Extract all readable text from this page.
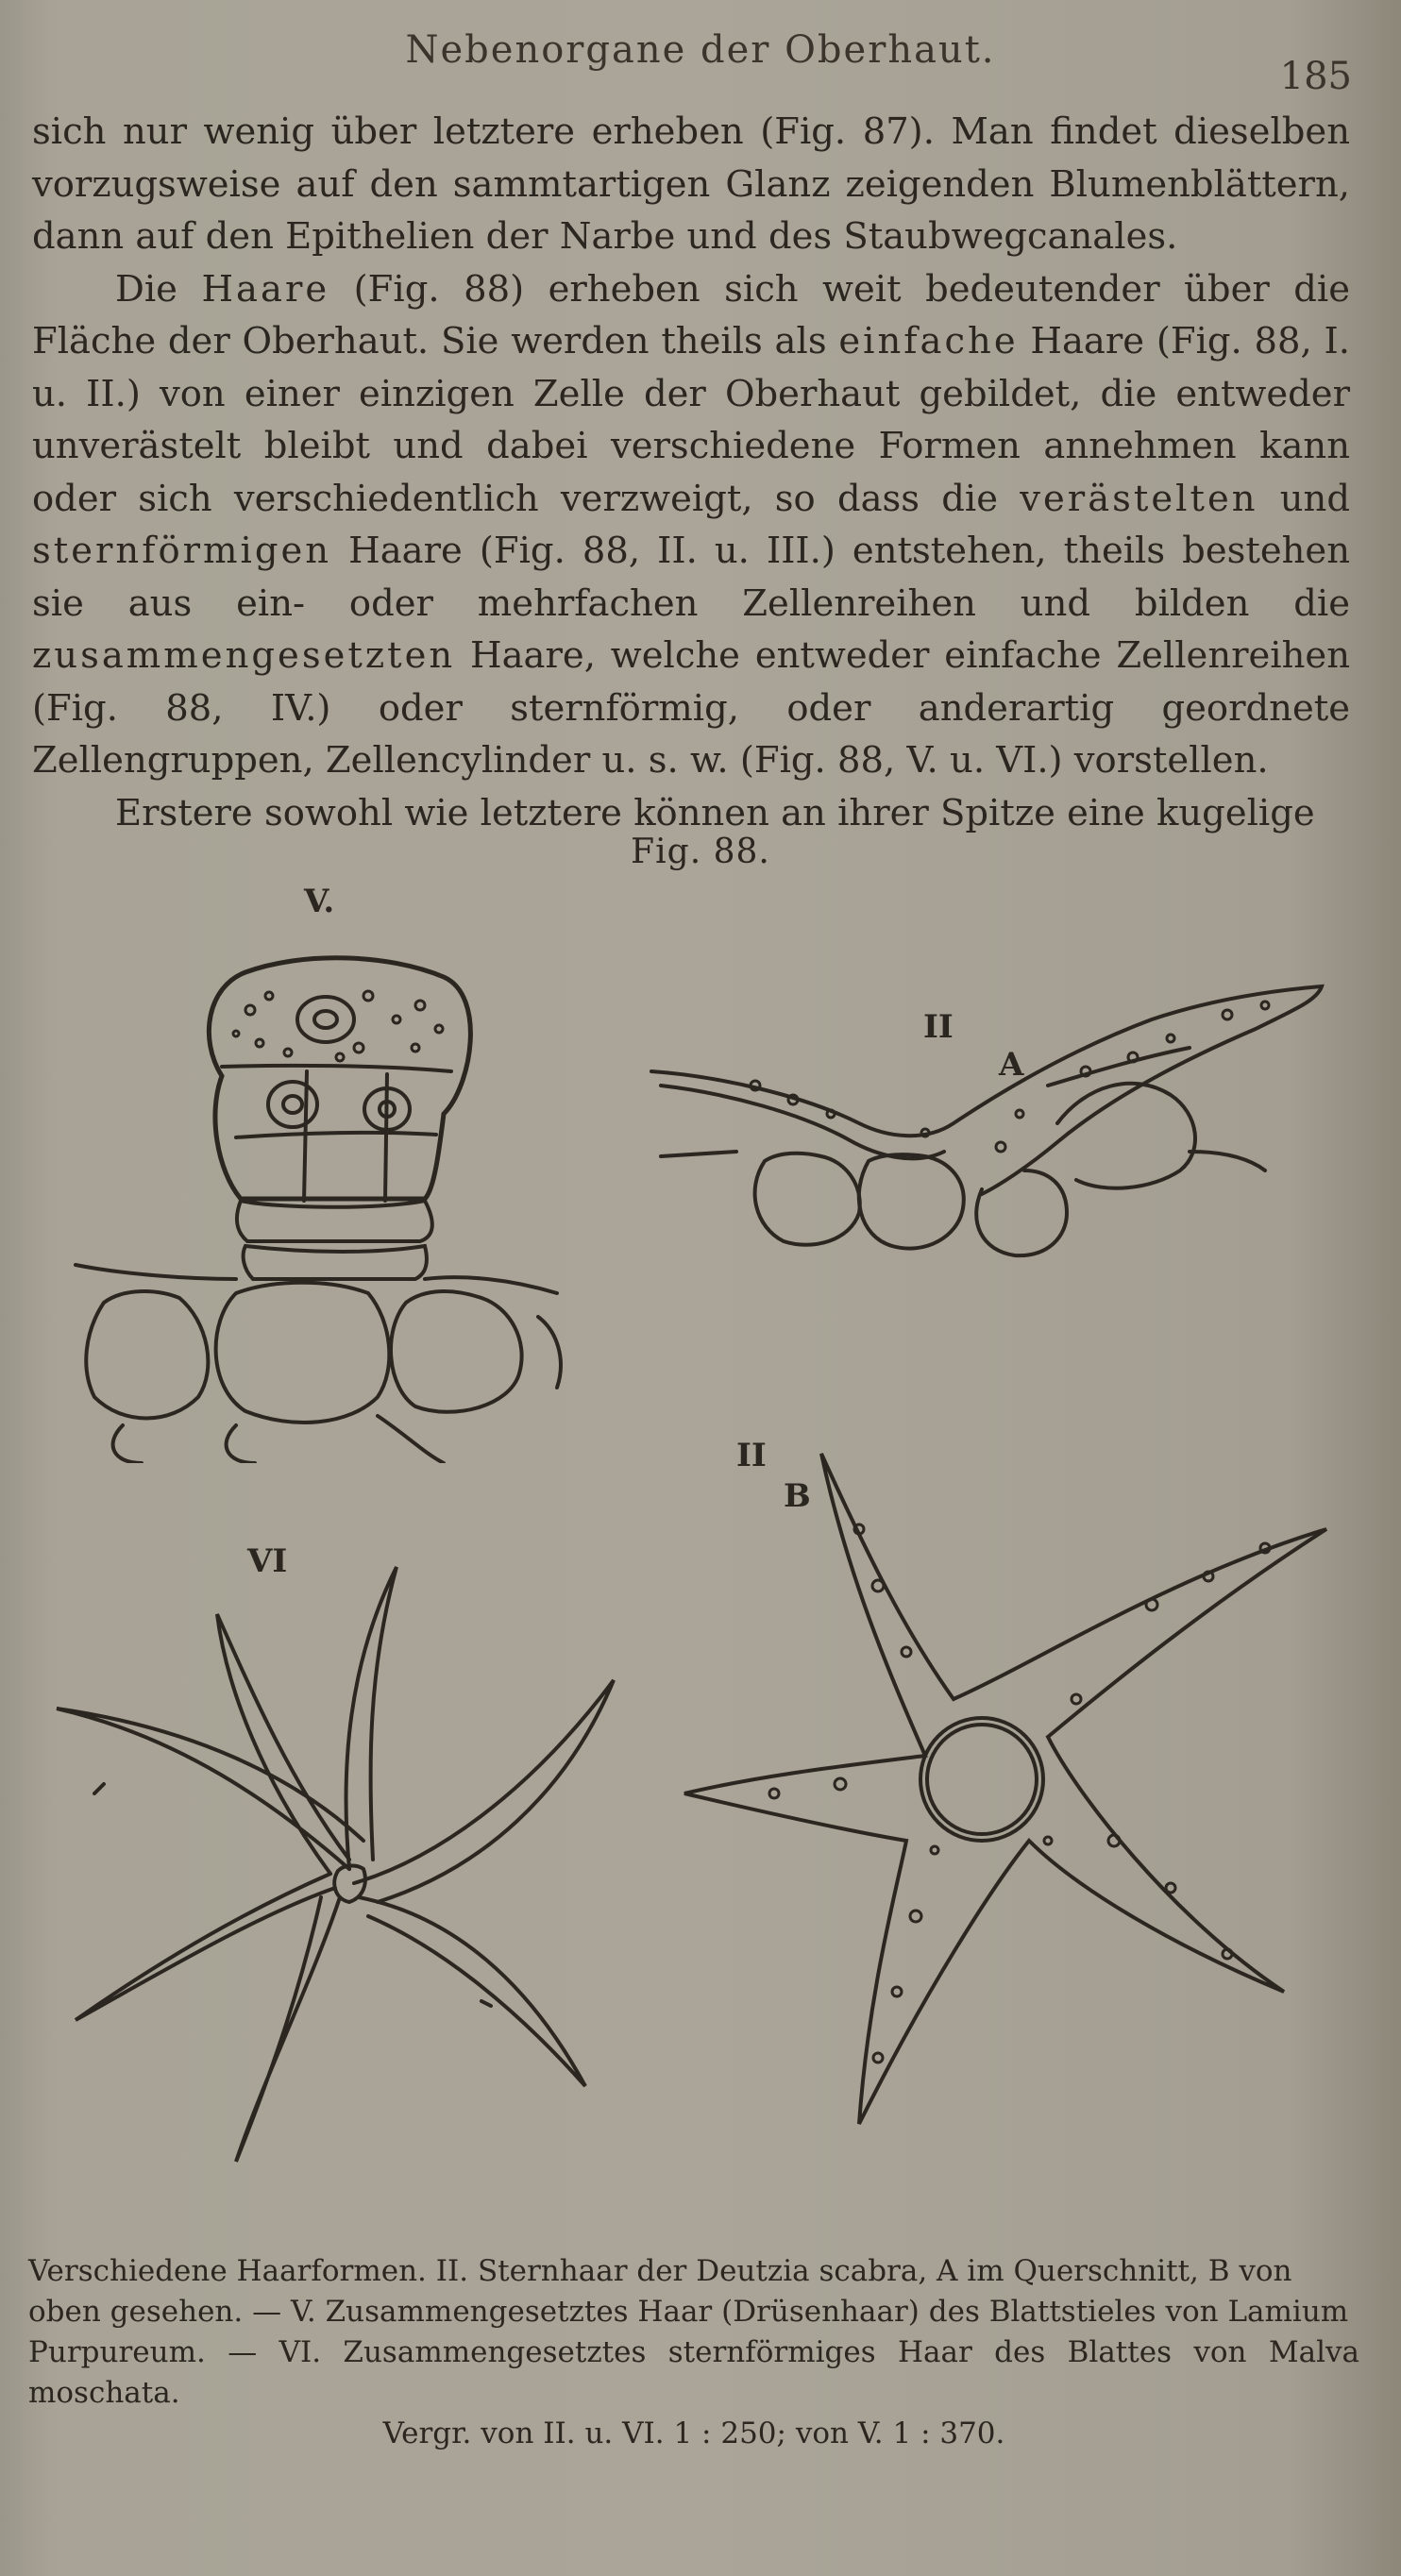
Nebenorgane der Oberhaut.
185

sich nur wenig über letztere erheben (Fig. 87). Man findet dieselben vorzugsweise auf den sammtartigen Glanz zeigenden Blumenblättern, dann auf den Epithelien der Narbe und des Staubwegcanales.

Die Haare (Fig. 88) erheben sich weit bedeutender über die Fläche der Oberhaut. Sie werden theils als einfache Haare (Fig. 88, I. u. II.) von einer einzigen Zelle der Oberhaut gebildet, die entweder unverästelt bleibt und dabei verschiedene Formen annehmen kann oder sich verschiedentlich verzweigt, so dass die verästelten und sternförmigen Haare (Fig. 88, II. u. III.) entstehen, theils bestehen sie aus ein- oder mehrfachen Zellenreihen und bilden die zusammengesetzten Haare, welche entweder einfache Zellenreihen (Fig. 88, IV.) oder sternförmig, oder anderartig geordnete Zellengruppen, Zellencylinder u. s. w. (Fig. 88, V. u. VI.) vorstellen.

Erstere sowohl wie letztere können an ihrer Spitze eine kugelige

Fig. 88.
V.
II
A
II
B
VI
Verschiedene Haarformen. II. Sternhaar der Deutzia scabra, A im Querschnitt, B von
oben gesehen. — V. Zusammengesetztes Haar (Drüsenhaar) des Blattstieles von Lamium
Purpureum. — VI. Zusammengesetztes sternförmiges Haar des Blattes von Malva moschata.
Vergr. von II. u. VI. 1 : 250; von V. 1 : 370.
